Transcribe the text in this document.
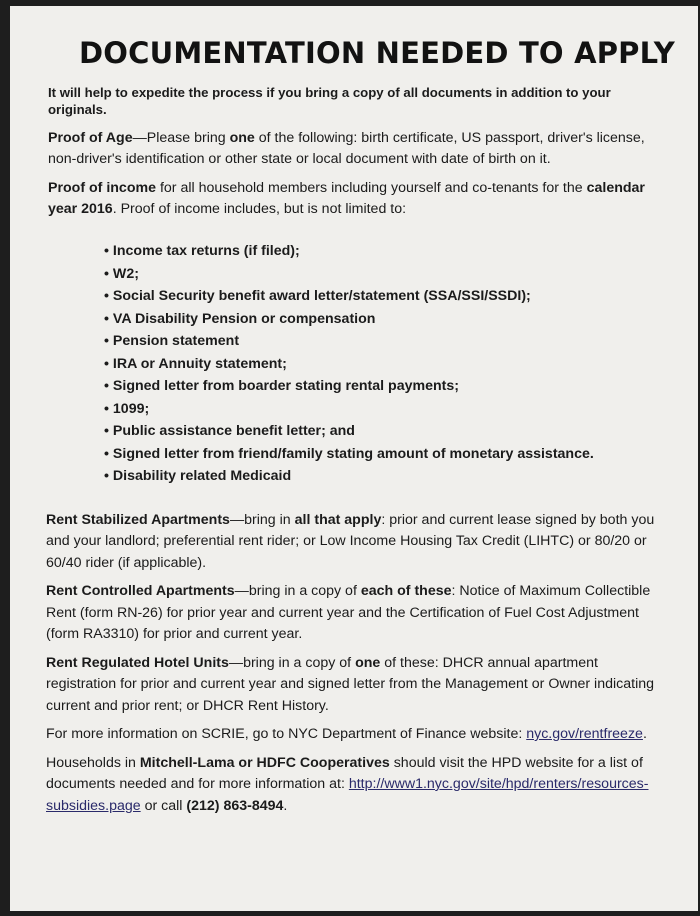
DOCUMENTATION NEEDED TO APPLY
It will help to expedite the process if you bring a copy of all documents in addition to your originals.

Proof of Age—Please bring one of the following: birth certificate, US passport, driver's license, non-driver's identification or other state or local document with date of birth on it.

Proof of income for all household members including yourself and co-tenants for the calendar year 2016. Proof of income includes, but is not limited to:

• Income tax returns (if filed);
• W2;
• Social Security benefit award letter/statement (SSA/SSI/SSDI);
• VA Disability Pension or compensation
• Pension statement
• IRA or Annuity statement;
• Signed letter from boarder stating rental payments;
• 1099;
• Public assistance benefit letter; and
• Signed letter from friend/family stating amount of monetary assistance.
• Disability related Medicaid

Rent Stabilized Apartments—bring in all that apply: prior and current lease signed by both you and your landlord; preferential rent rider; or Low Income Housing Tax Credit (LIHTC) or 80/20 or 60/40 rider (if applicable).

Rent Controlled Apartments—bring in a copy of each of these: Notice of Maximum Collectible Rent (form RN-26) for prior year and current year and the Certification of Fuel Cost Adjustment (form RA3310) for prior and current year.

Rent Regulated Hotel Units—bring in a copy of one of these: DHCR annual apartment registration for prior and current year and signed letter from the Management or Owner indicating current and prior rent; or DHCR Rent History.

For more information on SCRIE, go to NYC Department of Finance website: nyc.gov/rentfreeze.

Households in Mitchell-Lama or HDFC Cooperatives should visit the HPD website for a list of documents needed and for more information at: http://www1.nyc.gov/site/hpd/renters/resources-subsidies.page or call (212) 863-8494.
